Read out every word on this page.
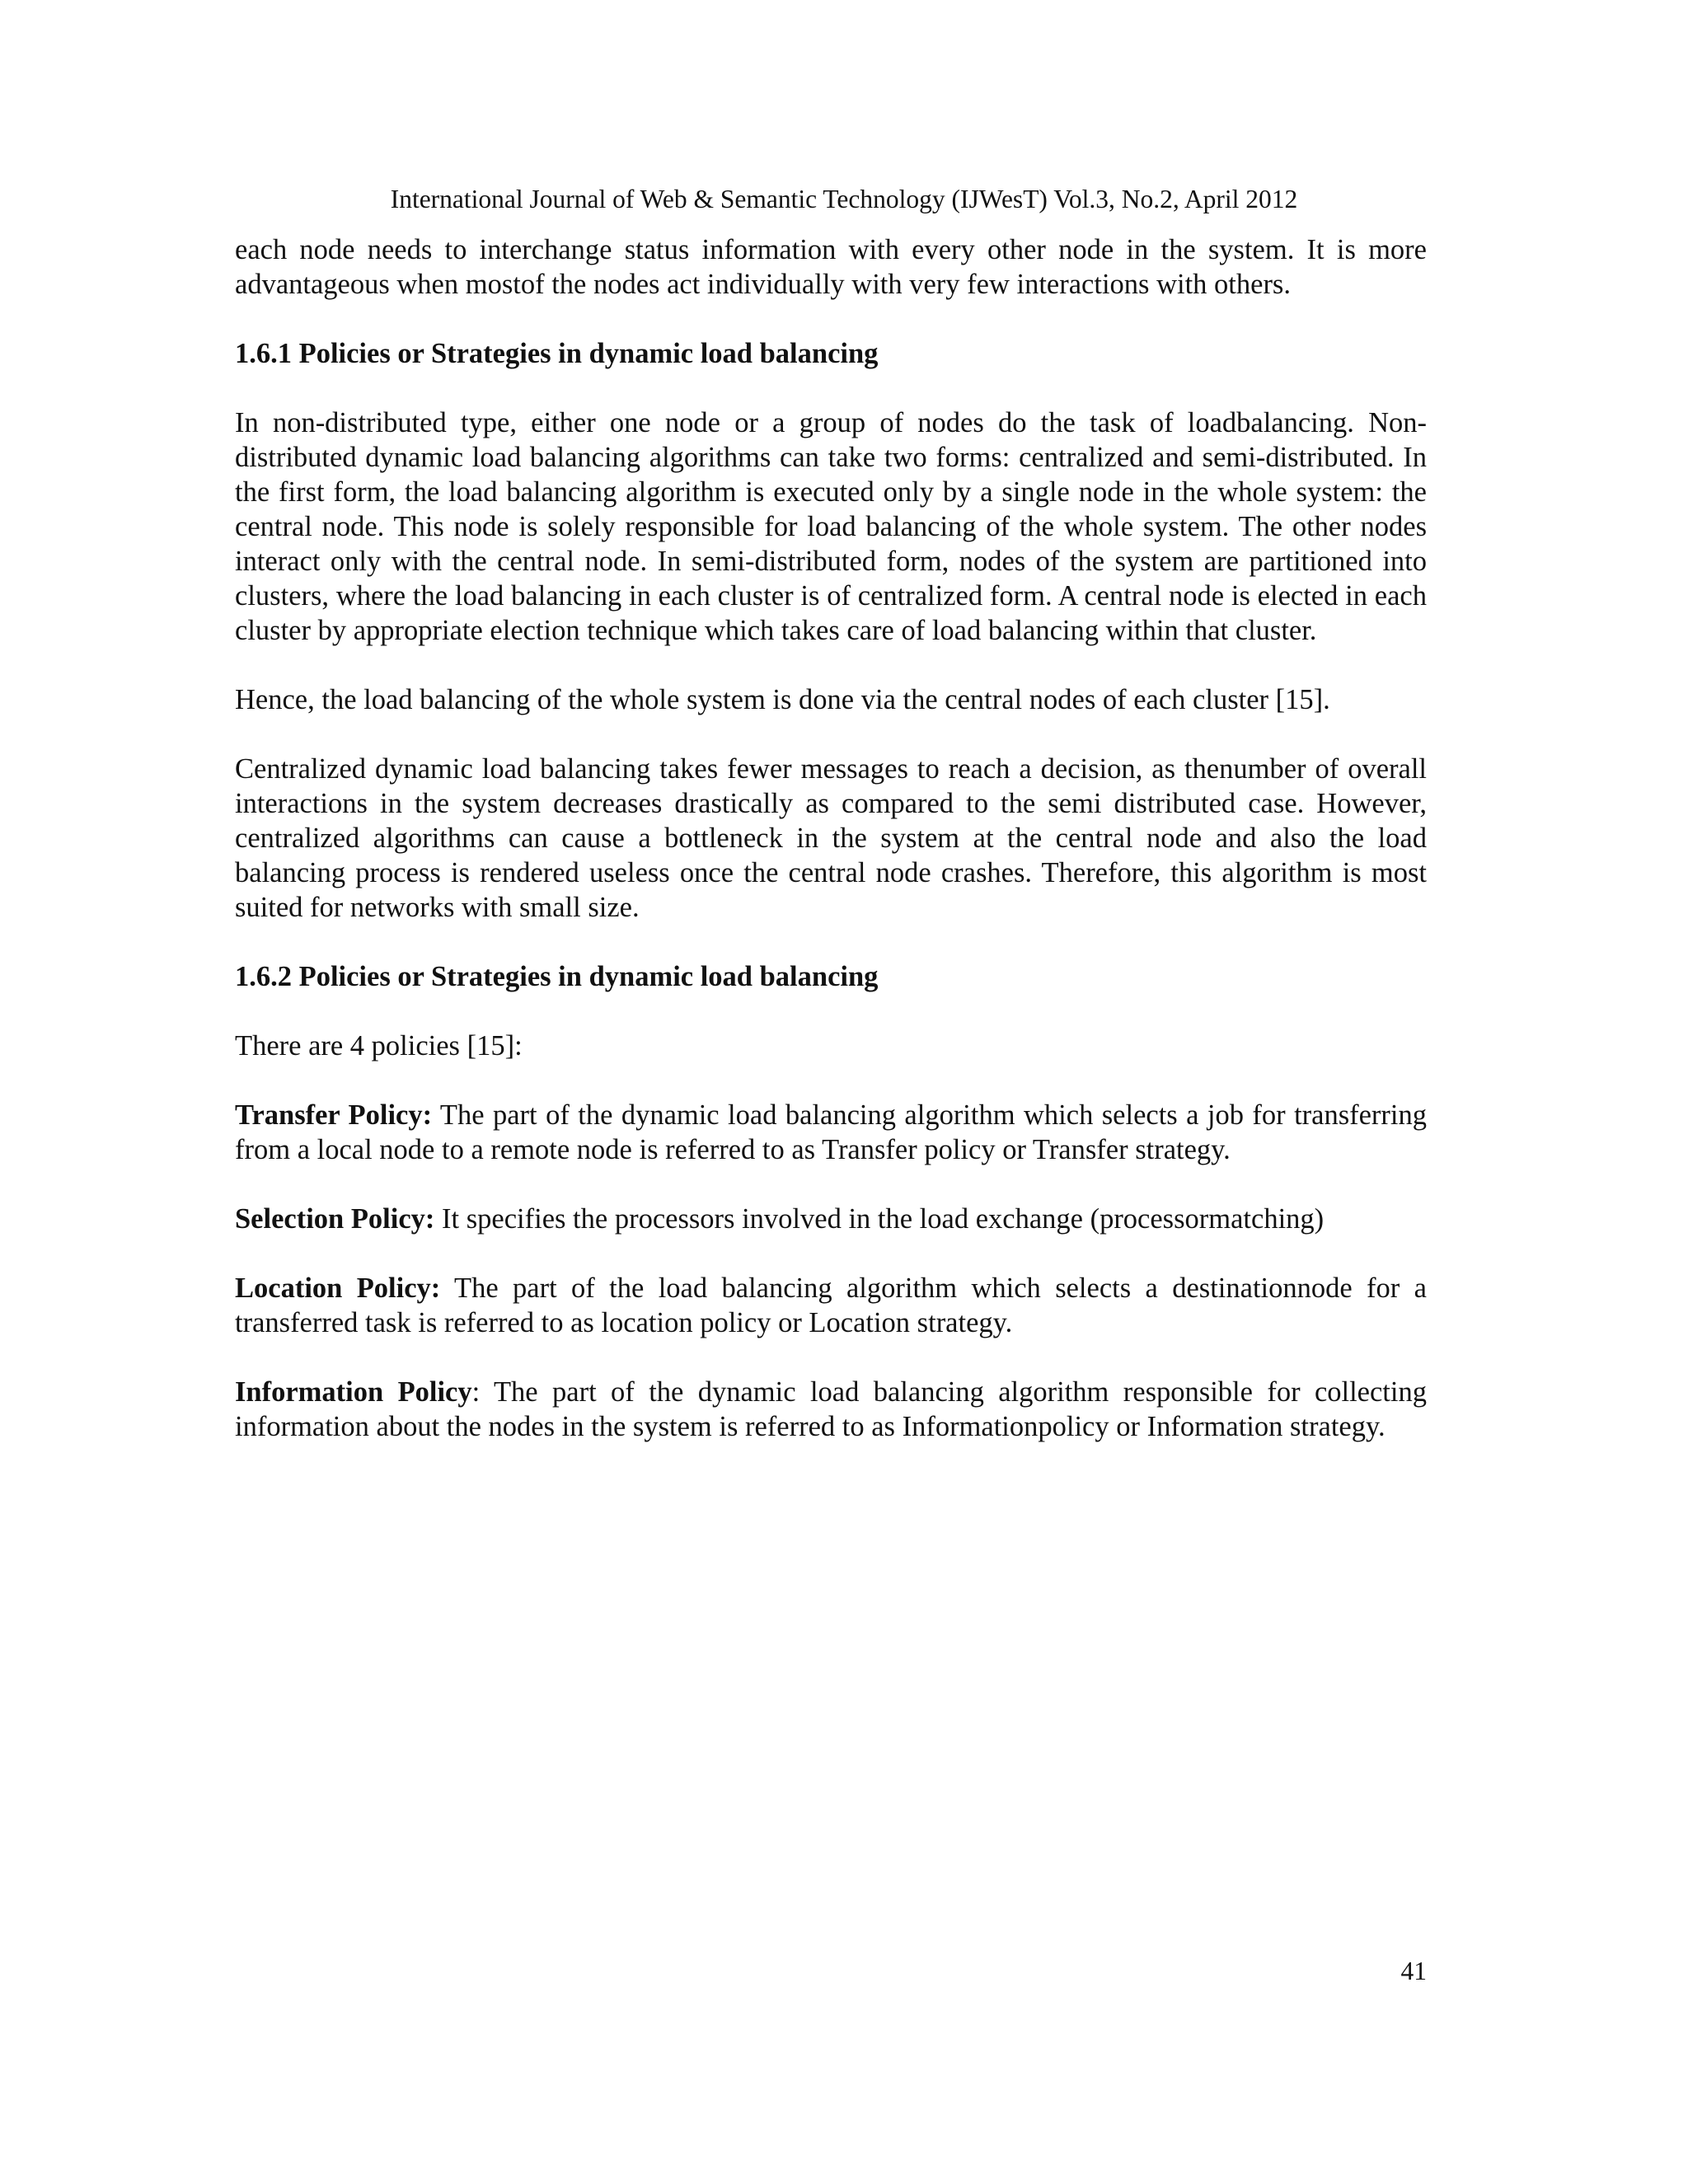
International Journal of Web & Semantic Technology (IJWesT) Vol.3, No.2, April 2012

each node needs to interchange status information with every other node in the system. It is more advantageous when mostof the nodes act individually with very few interactions with others.

1.6.1 Policies or Strategies in dynamic load balancing

In non-distributed type, either one node or a group of nodes do the task of loadbalancing. Non-distributed dynamic load balancing algorithms can take two forms: centralized and semi-distributed. In the first form, the load balancing algorithm is executed only by a single node in the whole system: the central node. This node is solely responsible for load balancing of the whole system. The other nodes interact only with the central node. In semi-distributed form, nodes of the system are partitioned into clusters, where the load balancing in each cluster is of centralized form. A central node is elected in each cluster by appropriate election technique which takes care of load balancing within that cluster.

Hence, the load balancing of the whole system is done via the central nodes of each cluster [15].

Centralized dynamic load balancing takes fewer messages to reach a decision, as thenumber of overall interactions in the system decreases drastically as compared to the semi distributed case. However, centralized algorithms can cause a bottleneck in the system at the central node and also the load balancing process is rendered useless once the central node crashes. Therefore, this algorithm is most suited for networks with small size.

1.6.2 Policies or Strategies in dynamic load balancing

There are 4 policies [15]:

Transfer Policy: The part of the dynamic load balancing algorithm which selects a job for transferring from a local node to a remote node is referred to as Transfer policy or Transfer strategy.

Selection Policy: It specifies the processors involved in the load exchange (processormatching)

Location Policy: The part of the load balancing algorithm which selects a destinationnode for a transferred task is referred to as location policy or Location strategy.

Information Policy: The part of the dynamic load balancing algorithm responsible for collecting information about the nodes in the system is referred to as Informationpolicy or Information strategy.

41
